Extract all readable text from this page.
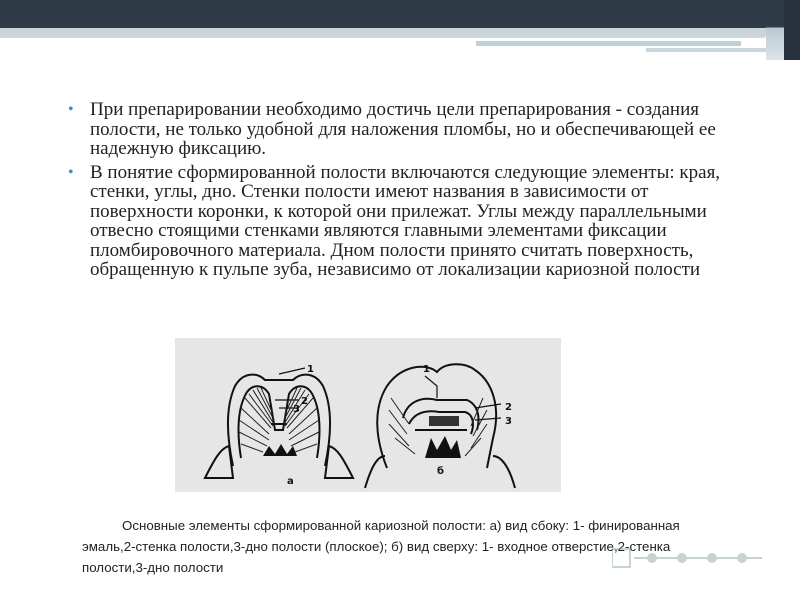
• При препарировании необходимо достичь цели препарирования - создания полости, не только удобной для наложения пломбы, но и обеспечивающей ее надежную фиксацию.
• В понятие сформированной полости включаются следующие элементы: края, стенки, углы, дно. Стенки полости имеют названия в зависимости от поверхности коронки, к которой они прилежат. Углы между параллельными отвесно стоящими стенками являются главными элементами фиксации пломбировочного материала. Дном полости принято считать поверхность, обращенную к пульпе зуба, независимо от локализации кариозной полости
1
2
3
а
1
2
3
б
Основные элементы сформированной кариозной полости: а) вид сбоку: 1- финированная эмаль,2-стенка полости,3-дно полости (плоское); б) вид сверху: 1- входное отверстие,2-стенка полости,3-дно полости
